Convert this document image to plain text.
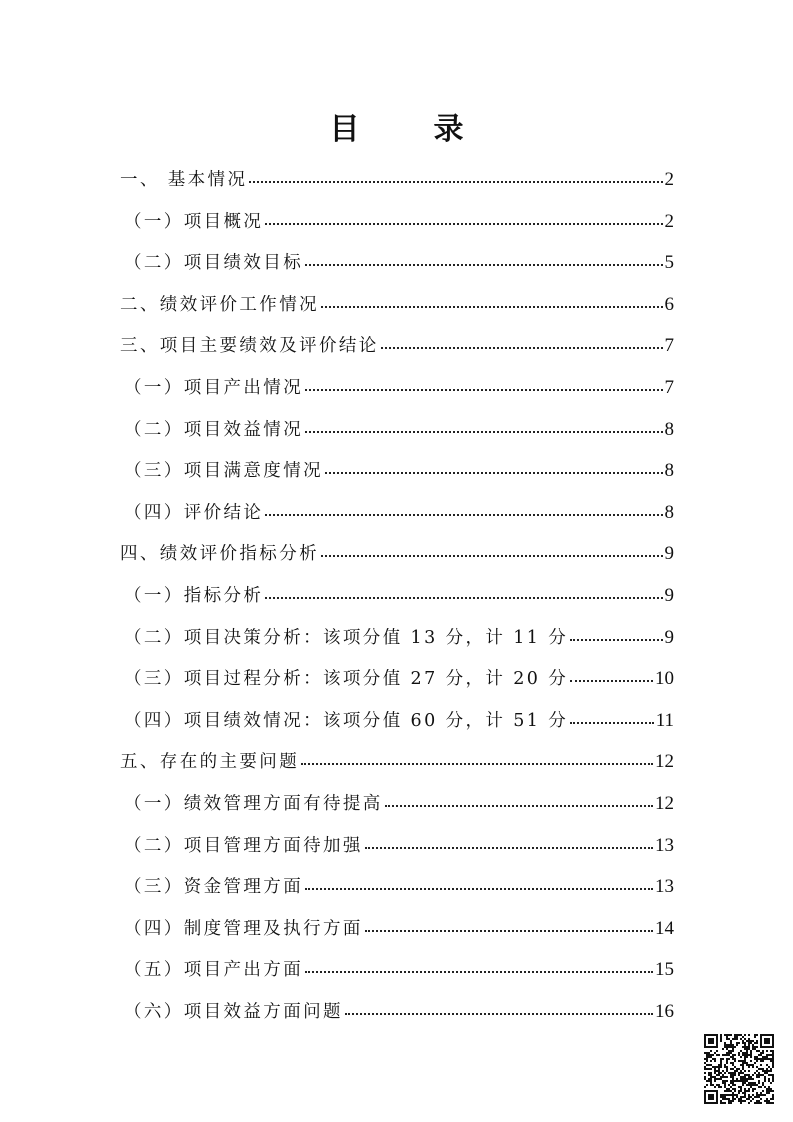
目　录
一、 基本情况	2
（一）项目概况	2
（二）项目绩效目标	5
二、绩效评价工作情况	6
三、项目主要绩效及评价结论	7
（一）项目产出情况	7
（二）项目效益情况	8
（三）项目满意度情况	8
（四）评价结论	8
四、绩效评价指标分析	9
（一）指标分析	9
（二）项目决策分析：该项分值 13 分，计 11 分	9
（三）项目过程分析：该项分值 27 分，计 20 分	10
（四）项目绩效情况：该项分值 60 分，计 51 分	11
五、存在的主要问题	12
（一）绩效管理方面有待提高	12
（二）项目管理方面待加强	13
（三）资金管理方面	13
（四）制度管理及执行方面	14
（五）项目产出方面	15
（六）项目效益方面问题	16
